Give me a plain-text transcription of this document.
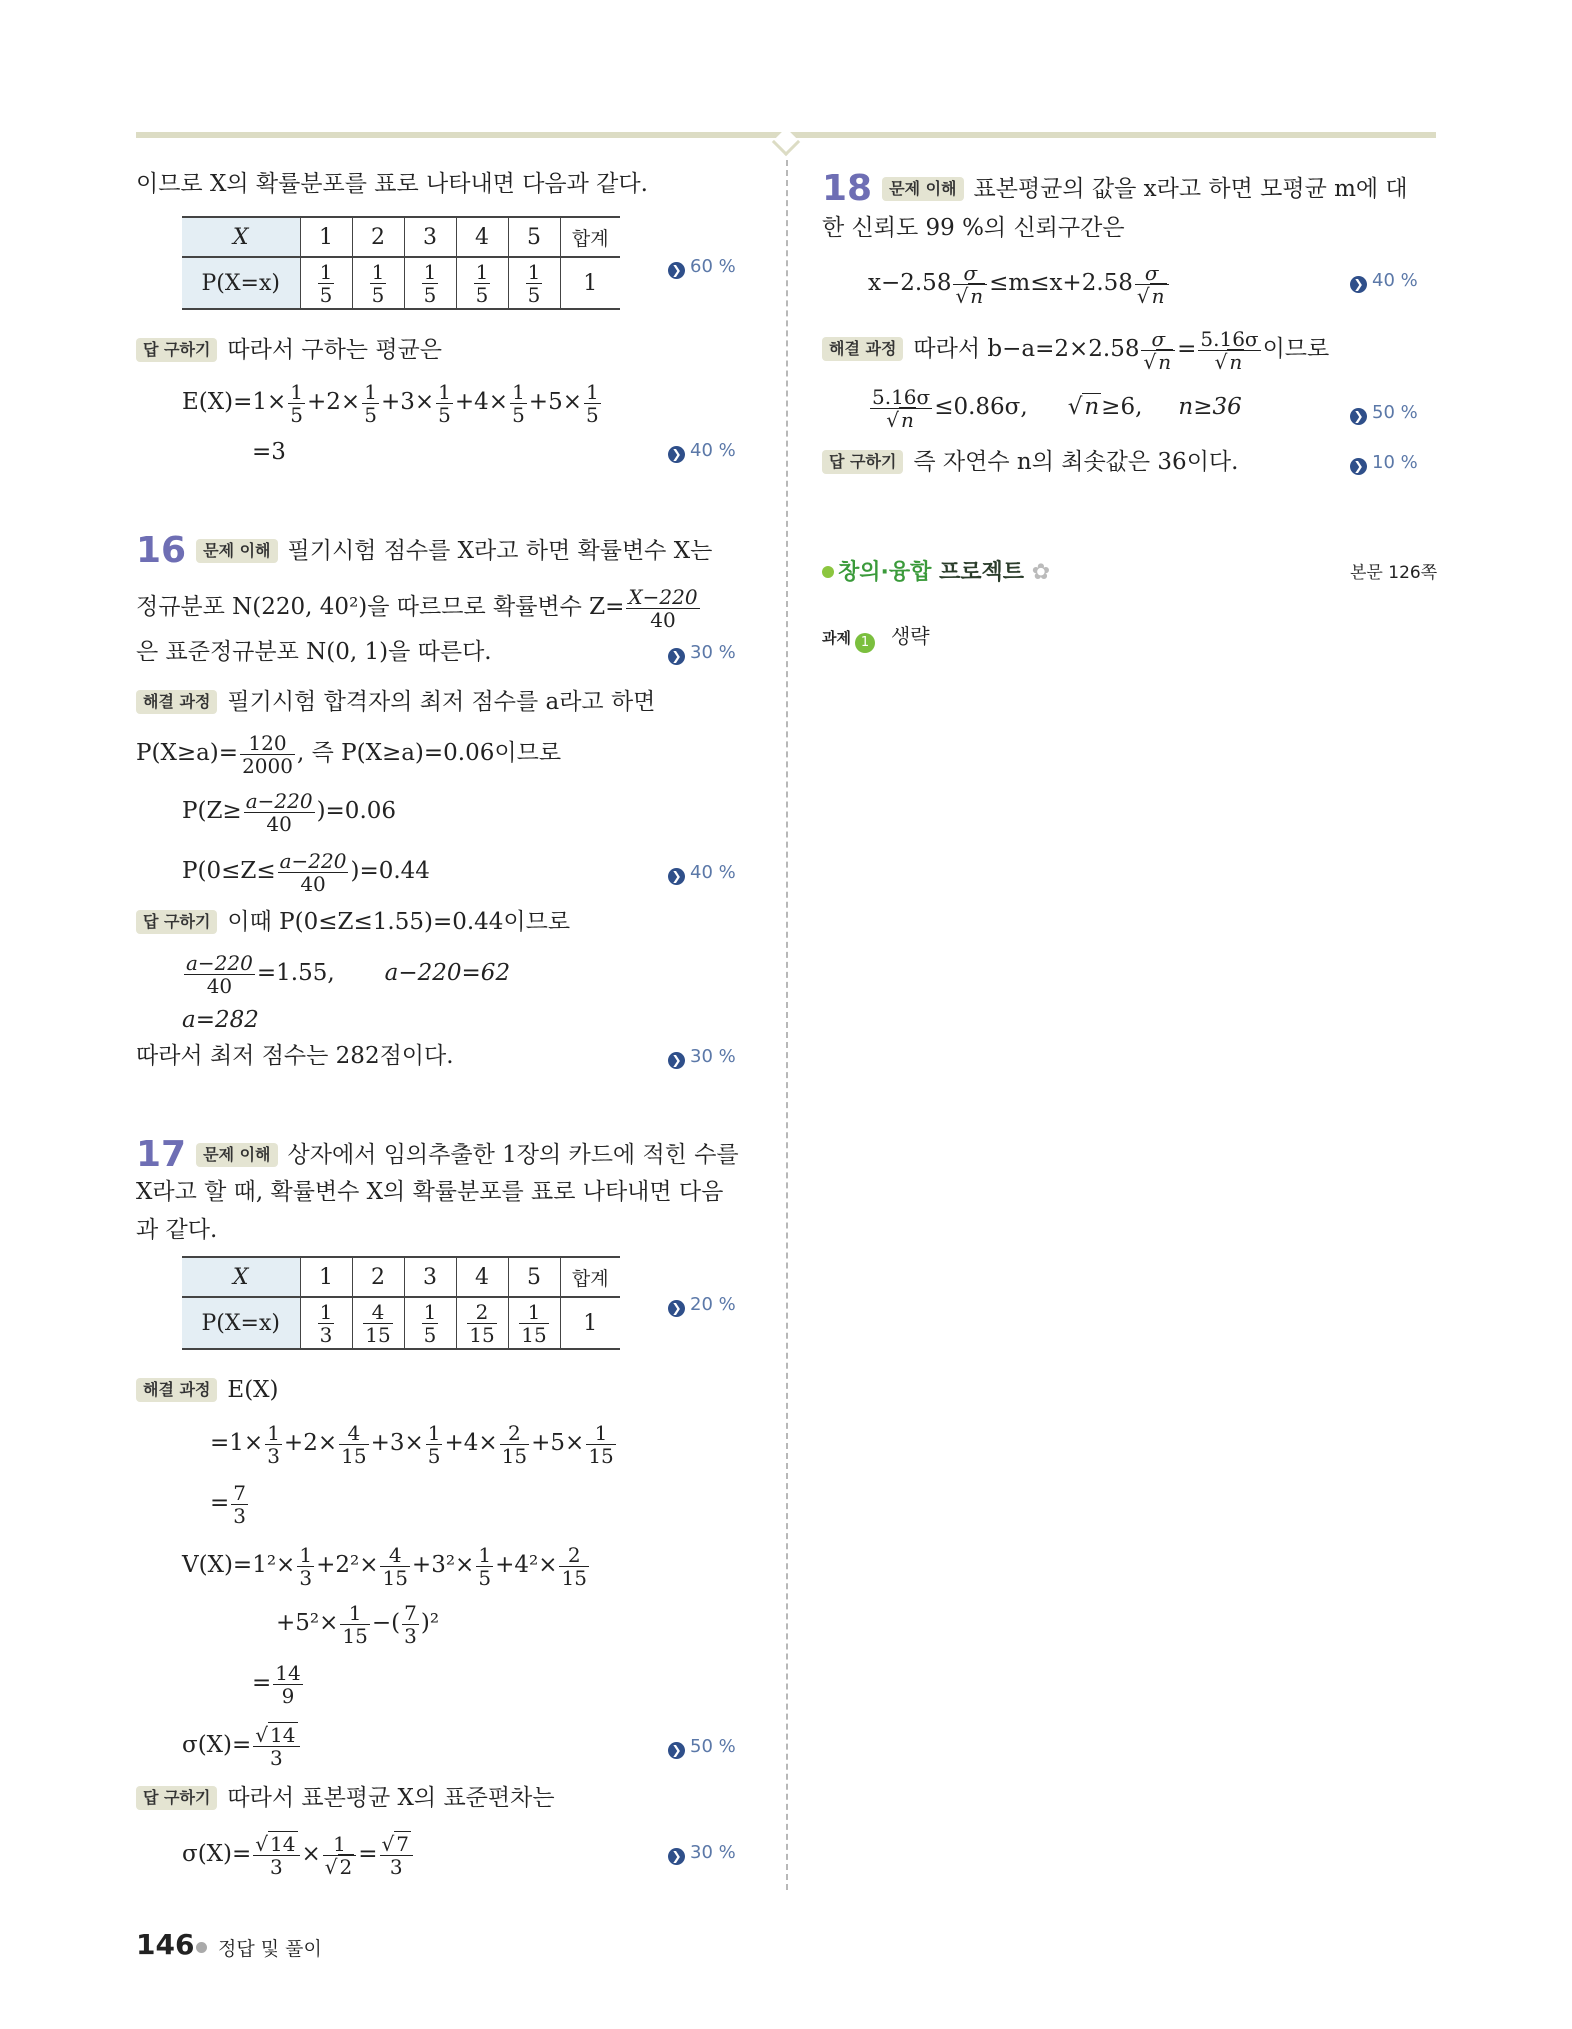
이므로 X의 확률분포를 표로 나타내면 다음과 같다.
X	1	2	3	4	5	합계
P(X=x)	$\frac{1}{5}$	$\frac{1}{5}$	$\frac{1}{5}$	$\frac{1}{5}$	$\frac{1}{5}$	1
❯ 60 %
답 구하기 따라서 구하는 평균은
$E(X)=1\times \frac{1}{5} +2\times \frac{1}{5} +3\times \frac{1}{5} +4\times \frac{1}{5} +5\times \frac{1}{5}$
=3	❯ 40 %
16 문제 이해 필기시험 점수를 X라고 하면 확률변수 X는
정규분포 N(220, 40²)을 따르므로 확률변수 $Z= \frac{X-220}{40}$
은 표준정규분포 N(0, 1)을 따른다.	❯ 30 %
해결 과정 필기시험 합격자의 최저 점수를 a라고 하면
$P(X\ge a)= \frac{120}{2000}$ , 즉 P(X≥a)=0.06이므로
$P(Z\ge \frac{a-220}{40} )=0.06$
$P(0\le Z\le \frac{a-220}{40} )=0.44$	❯ 40 %
답 구하기 이때 P(0≤Z≤1.55)=0.44이므로
$\frac{a-220}{40} =1.55$, a−220=62
a=282
따라서 최저 점수는 282점이다.	❯ 30 %
17 문제 이해 상자에서 임의추출한 1장의 카드에 적힌 수를
X라고 할 때, 확률변수 X의 확률분포를 표로 나타내면 다음
과 같다.
X	1	2	3	4	5	합계
P(X=x)	$\frac{1}{3}$	$\frac{4}{15}$	$\frac{1}{5}$	$\frac{2}{15}$	$\frac{1}{15}$	1
❯ 20 %
해결 과정 E(X)
$=1\times \frac{1}{3} +2\times \frac{4}{15} +3\times \frac{1}{5} +4\times \frac{2}{15} +5\times \frac{1}{15}$
= $\frac{7}{3}$
$V(X)=1^2\times \frac{1}{3} +2^2\times \frac{4}{15} +3^2\times \frac{1}{5} +4^2\times \frac{2}{15}$
$+5^2\times \frac{1}{15}$ −( $\frac{7}{3} )^2$
= $\frac{14}{9}$
$\sigma(X)= \frac{√ 14}{3}$	❯ 50 %
답 구하기 따라서 표본평균 X의 표준편차는
$\sigma(X)= \frac{√ 14}{3} \times \frac{1}{√ 2} = \frac{√ 7}{3}$	❯ 30 %
18 문제 이해 표본평균의 값을 x라고 하면 모평균 m에 대
한 신뢰도 99 %의 신뢰구간은
$x-2.58 \frac{\sigma}{√ n} \le m\le x+2.58 \frac{\sigma}{√ n}$	❯ 40 %
해결 과정 따라서 $b-a=2\times 2.58 \frac{\sigma}{√ n} = \frac{5.16\sigma}{√ n}$ 이므로
$\frac{5.16\sigma}{√ n} \le 0.86\sigma$, √n≥6, n≥36	❯ 50 %
답 구하기 즉 자연수 n의 최솟값은 36이다.	❯ 10 %
창의·융합 프로젝트 ✿	본문 126쪽
과제 1 생략
146 정답 및 풀이
